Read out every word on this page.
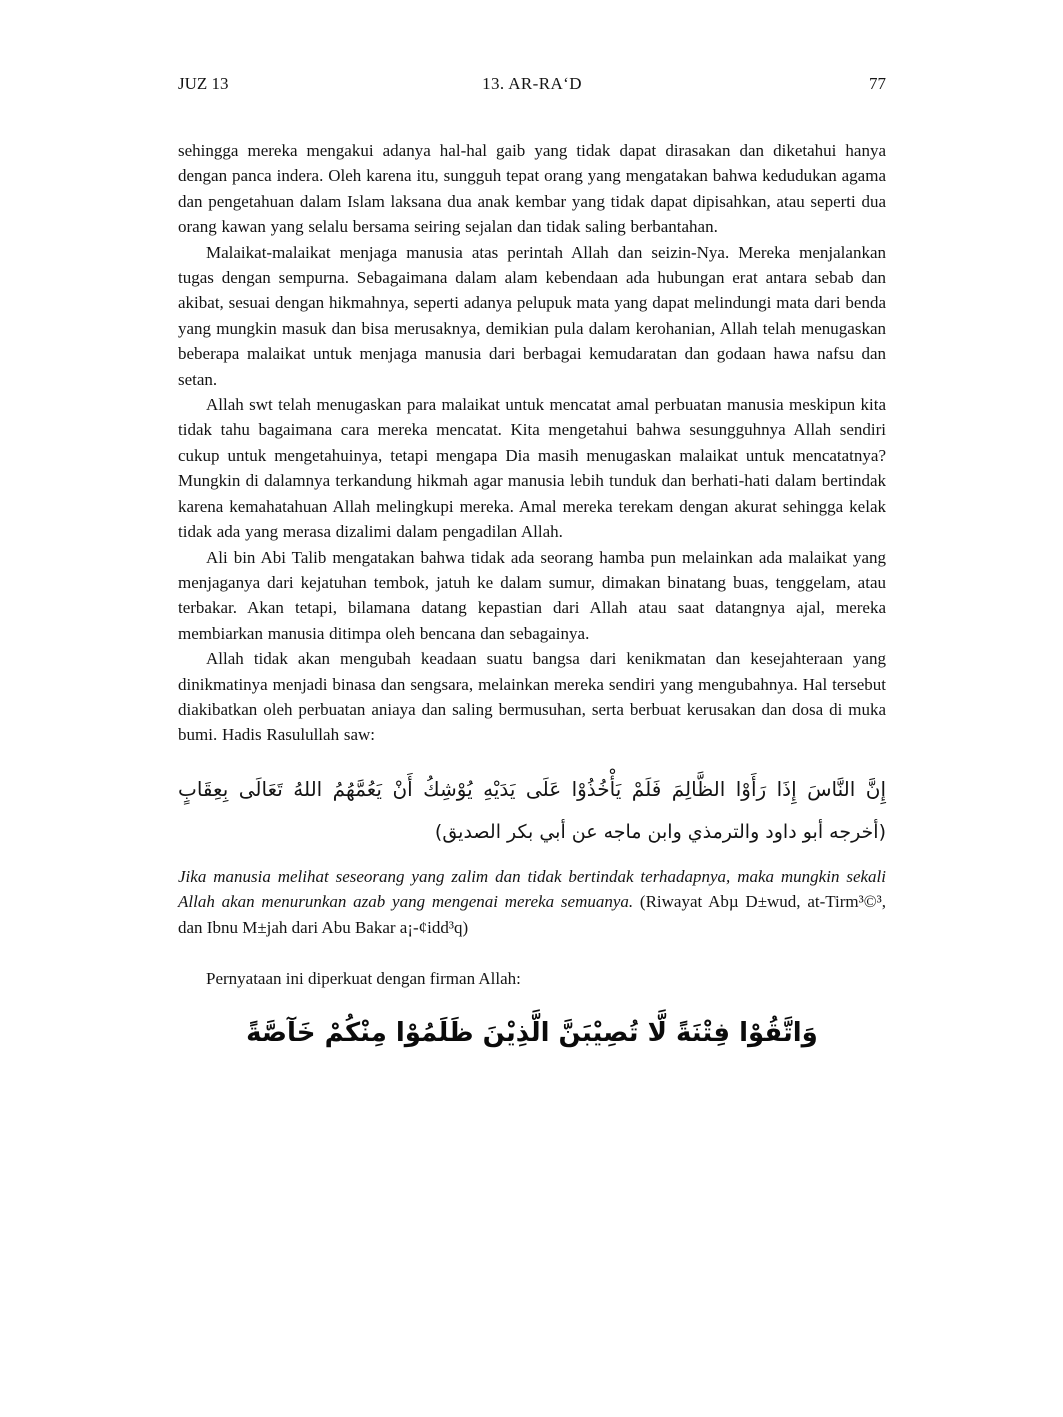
JUZ 13	13. AR-RA‘D	77

sehingga mereka mengakui adanya hal-hal gaib yang tidak dapat dirasakan dan diketahui hanya dengan panca indera. Oleh karena itu, sungguh tepat orang yang mengatakan bahwa kedudukan agama dan pengetahuan dalam Islam laksana dua anak kembar yang tidak dapat dipisahkan, atau seperti dua orang kawan yang selalu bersama seiring sejalan dan tidak saling berbantahan.

Malaikat-malaikat menjaga manusia atas perintah Allah dan seizin-Nya. Mereka menjalankan tugas dengan sempurna. Sebagaimana dalam alam kebendaan ada hubungan erat antara sebab dan akibat, sesuai dengan hikmahnya, seperti adanya pelupuk mata yang dapat melindungi mata dari benda yang mungkin masuk dan bisa merusaknya, demikian pula dalam kerohanian, Allah telah menugaskan beberapa malaikat untuk menjaga manusia dari berbagai kemudaratan dan godaan hawa nafsu dan setan.

Allah swt telah menugaskan para malaikat untuk mencatat amal perbuatan manusia meskipun kita tidak tahu bagaimana cara mereka mencatat. Kita mengetahui bahwa sesungguhnya Allah sendiri cukup untuk mengetahuinya, tetapi mengapa Dia masih menugaskan malaikat untuk mencatatnya? Mungkin di dalamnya terkandung hikmah agar manusia lebih tunduk dan berhati-hati dalam bertindak karena kemahatahuan Allah melingkupi mereka. Amal mereka terekam dengan akurat sehingga kelak tidak ada yang merasa dizalimi dalam pengadilan Allah.

Ali bin Abi Talib mengatakan bahwa tidak ada seorang hamba pun melainkan ada malaikat yang menjaganya dari kejatuhan tembok, jatuh ke dalam sumur, dimakan binatang buas, tenggelam, atau terbakar. Akan tetapi, bilamana datang kepastian dari Allah atau saat datangnya ajal, mereka membiarkan manusia ditimpa oleh bencana dan sebagainya.

Allah tidak akan mengubah keadaan suatu bangsa dari kenikmatan dan kesejahteraan yang dinikmatinya menjadi binasa dan sengsara, melainkan mereka sendiri yang mengubahnya. Hal tersebut diakibatkan oleh perbuatan aniaya dan saling bermusuhan, serta berbuat kerusakan dan dosa di muka bumi. Hadis Rasulullah saw:

إِنَّ النَّاسَ إِذَا رَأَوْا الظَّالِمَ فَلَمْ يَأْخُذُوْا عَلَى يَدَيْهِ يُوْشِكُ أَنْ يَعُمَّهُمُ اللهُ تَعَالَى بِعِقَابٍ

(أخرجه أبو داود والترمذي وابن ماجه عن أبي بكر الصديق)

Jika manusia melihat seseorang yang zalim dan tidak bertindak terhadapnya, maka mungkin sekali Allah akan menurunkan azab yang mengenai mereka semuanya. (Riwayat Abµ D±wud, at-Tirm³©³, dan Ibnu M±jah dari Abu Bakar a¡-¢idd³q)

Pernyataan ini diperkuat dengan firman Allah:

وَاتَّقُوْا فِتْنَةً لَّا تُصِيْبَنَّ الَّذِيْنَ ظَلَمُوْا مِنْكُمْ خَآصَّةً
